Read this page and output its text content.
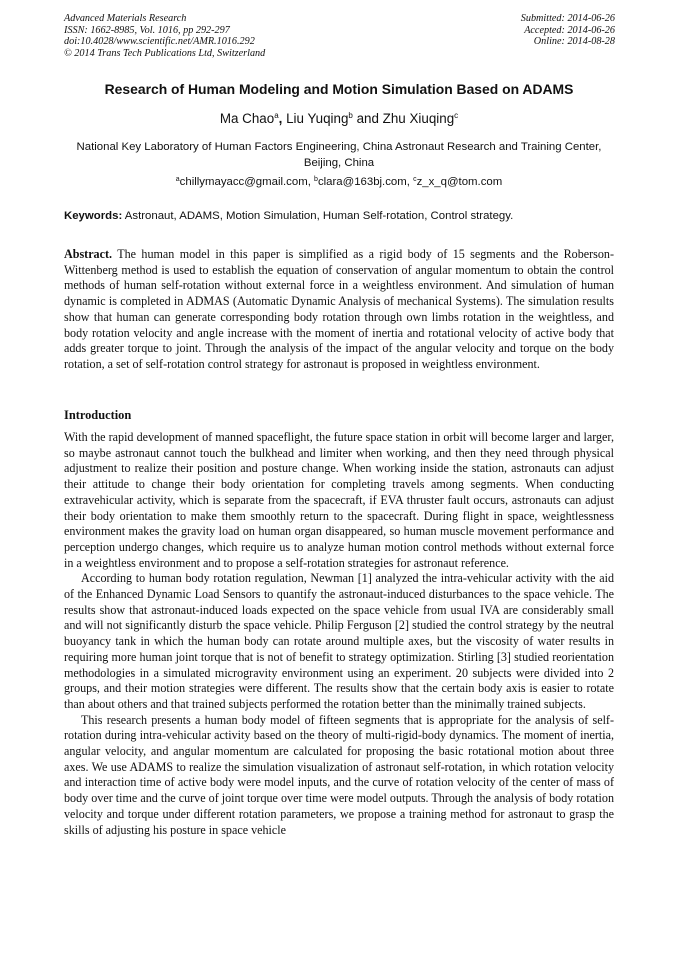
Advanced Materials Research
ISSN: 1662-8985, Vol. 1016, pp 292-297
doi:10.4028/www.scientific.net/AMR.1016.292
© 2014 Trans Tech Publications Ltd, Switzerland
Submitted: 2014-06-26
Accepted: 2014-06-26
Online: 2014-08-28
Research of Human Modeling and Motion Simulation Based on ADAMS
Ma Chao$^a$, Liu Yuqing$^b$ and Zhu Xiuqing$^c$
National Key Laboratory of Human Factors Engineering, China Astronaut Research and Training Center, Beijing, China
$^a$chillymayacc@gmail.com, $^b$clara@163bj.com, $^c$z_x_q@tom.com
Keywords: Astronaut, ADAMS, Motion Simulation, Human Self-rotation, Control strategy.
Abstract. The human model in this paper is simplified as a rigid body of 15 segments and the Roberson-Wittenberg method is used to establish the equation of conservation of angular momentum to obtain the control methods of human self-rotation without external force in a weightless environment. And simulation of human dynamic is completed in ADMAS (Automatic Dynamic Analysis of mechanical Systems). The simulation results show that human can generate corresponding body rotation through own limbs rotation in the weightless, and body rotation velocity and angle increase with the moment of inertia and rotational velocity of active body that adds greater torque to joint. Through the analysis of the impact of the angular velocity and torque on the body rotation, a set of self-rotation control strategy for astronaut is proposed in weightless environment.
Introduction

With the rapid development of manned spaceflight, the future space station in orbit will become larger and larger, so maybe astronaut cannot touch the bulkhead and limiter when working, and then they need through physical adjustment to realize their position and posture change. When working inside the station, astronauts can adjust their attitude to change their body orientation for completing travels among segments. When conducting extravehicular activity, which is separate from the spacecraft, if EVA thruster fault occurs, astronauts can adjust their body orientation to make them smoothly return to the spacecraft. During flight in space, weightlessness environment makes the gravity load on human organ disappeared, so human muscle movement performance and perception undergo changes, which require us to analyze human motion control methods without external force in a weightless environment and to propose a self-rotation strategies for astronaut reference.

According to human body rotation regulation, Newman [1] analyzed the intra-vehicular activity with the aid of the Enhanced Dynamic Load Sensors to quantify the astronaut-induced disturbances to the space vehicle. The results show that astronaut-induced loads expected on the space vehicle from usual IVA are considerably small and will not significantly disturb the space vehicle. Philip Ferguson [2] studied the control strategy by the neutral buoyancy tank in which the human body can rotate around multiple axes, but the viscosity of water results in requiring more human joint torque that is not of benefit to strategy optimization. Stirling [3] studied reorientation methodologies in a simulated microgravity environment using an experiment. 20 subjects were divided into 2 groups, and their motion strategies were different. The results show that the certain body axis is easier to rotate than about others and that trained subjects performed the rotation better than the minimally trained subjects.

This research presents a human body model of fifteen segments that is appropriate for the analysis of self-rotation during intra-vehicular activity based on the theory of multi-rigid-body dynamics. The moment of inertia, angular velocity, and angular momentum are calculated for proposing the basic rotational motion about three axes. We use ADAMS to realize the simulation visualization of astronaut self-rotation, in which rotation velocity and interaction time of active body were model inputs, and the curve of rotation velocity of the center of mass of body over time and the curve of joint torque over time were model outputs. Through the analysis of body rotation velocity and torque under different rotation parameters, we propose a training method for astronaut to grasp the skills of adjusting his posture in space vehicle
